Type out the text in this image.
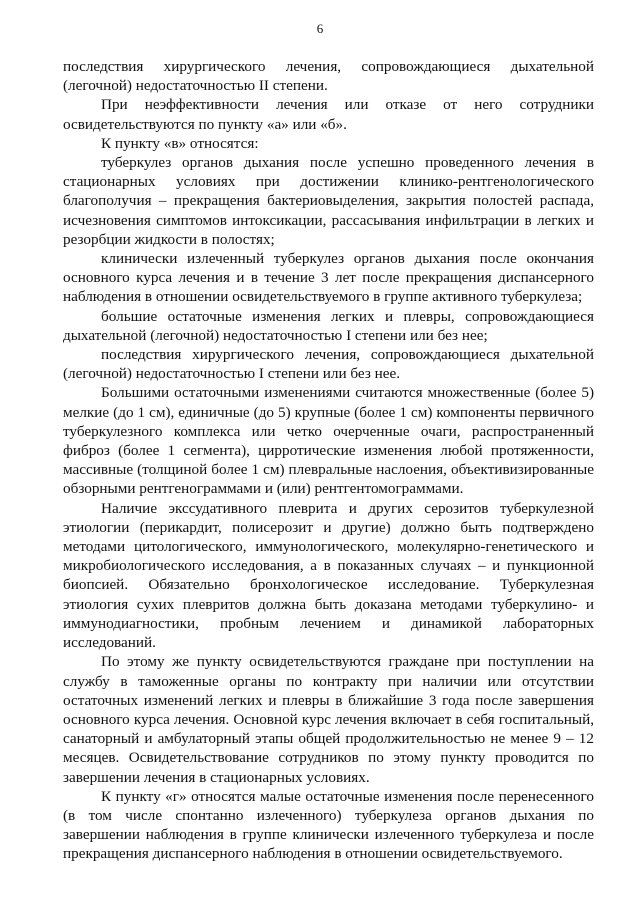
6

последствия хирургического лечения, сопровождающиеся дыхательной (легочной) недостаточностью II степени.

При неэффективности лечения или отказе от него сотрудники освидетельствуются по пункту «а» или «б».

К пункту «в» относятся:

туберкулез органов дыхания после успешно проведенного лечения в стационарных условиях при достижении клинико-рентгенологического благополучия – прекращения бактериовыделения, закрытия полостей распада, исчезновения симптомов интоксикации, рассасывания инфильтрации в легких и резорбции жидкости в полостях;

клинически излеченный туберкулез органов дыхания после окончания основного курса лечения и в течение 3 лет после прекращения диспансерного наблюдения в отношении освидетельствуемого в группе активного туберкулеза;

большие остаточные изменения легких и плевры, сопровождающиеся дыхательной (легочной) недостаточностью I степени или без нее;

последствия хирургического лечения, сопровождающиеся дыхательной (легочной) недостаточностью I степени или без нее.

Большими остаточными изменениями считаются множественные (более 5) мелкие (до 1 см), единичные (до 5) крупные (более 1 см) компоненты первичного туберкулезного комплекса или четко очерченные очаги, распространенный фиброз (более 1 сегмента), цирротические изменения любой протяженности, массивные (толщиной более 1 см) плевральные наслоения, объективизированные обзорными рентгенограммами и (или) рентгентомограммами.

Наличие экссудативного плеврита и других серозитов туберкулезной этиологии (перикардит, полисерозит и другие) должно быть подтверждено методами цитологического, иммунологического, молекулярно-генетического и микробиологического исследования, а в показанных случаях – и пункционной биопсией. Обязательно бронхологическое исследование. Туберкулезная этиология сухих плевритов должна быть доказана методами туберкулино- и иммунодиагностики, пробным лечением и динамикой лабораторных исследований.

По этому же пункту освидетельствуются граждане при поступлении на службу в таможенные органы по контракту при наличии или отсутствии остаточных изменений легких и плевры в ближайшие 3 года после завершения основного курса лечения. Основной курс лечения включает в себя госпитальный, санаторный и амбулаторный этапы общей продолжительностью не менее 9 – 12 месяцев. Освидетельствование сотрудников по этому пункту проводится по завершении лечения в стационарных условиях.

К пункту «г» относятся малые остаточные изменения после перенесенного (в том числе спонтанно излеченного) туберкулеза органов дыхания по завершении наблюдения в группе клинически излеченного туберкулеза и после прекращения диспансерного наблюдения в отношении освидетельствуемого.
